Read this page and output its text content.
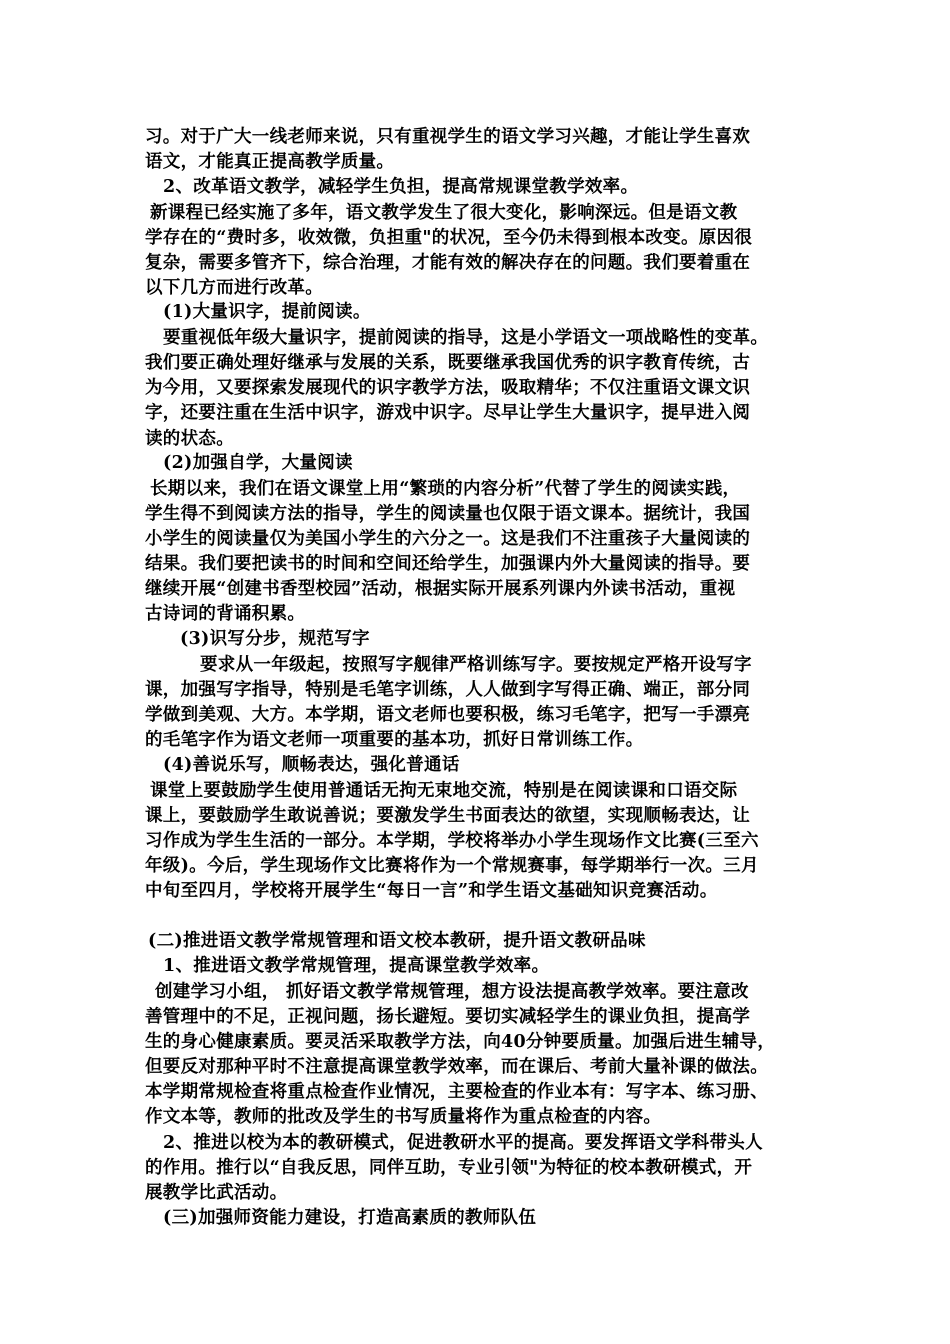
习。对于广大一线老师来说，只有重视学生的语文学习兴趣，才能让学生喜欢
语文，才能真正提高教学质量。
2、改革语文教学，减轻学生负担，提高常规课堂教学效率。
新课程已经实施了多年，语文教学发生了很大变化，影响深远。但是语文教
学存在的“费时多，收效微，负担重"的状况，至今仍未得到根本改变。原因很
复杂，需要多管齐下，综合治理，才能有效的解决存在的问题。我们要着重在
以下几方而进行改革。
(1)大量识字，提前阅读。
要重视低年级大量识字，提前阅读的指导，这是小学语文一项战略性的变革。
我们要正确处理好继承与发展的关系，既要继承我国优秀的识字教育传统，古
为今用，又要探索发展现代的识字教学方法，吸取精华；不仅注重语文课文识
字，还要注重在生活中识字，游戏中识字。尽早让学生大量识字，提早进入阅
读的状态。
(2)加强自学，大量阅读
长期以来，我们在语文课堂上用“繁琐的内容分析”代替了学生的阅读实践，
学生得不到阅读方法的指导，学生的阅读量也仅限于语文课本。据统计，我国
小学生的阅读量仅为美国小学生的六分之一。这是我们不注重孩子大量阅读的
结果。我们要把读书的时间和空间还给学生，加强课内外大量阅读的指导。要
继续开展“创建书香型校园”活动，根据实际开展系列课内外读书活动，重视
古诗词的背诵积累。
(3)识写分步，规范写字
要求从一年级起，按照写字舰律严格训练写字。要按规定严格开设写字
课，加强写字指导，特别是毛笔字训练，人人做到字写得正确、端正，部分同
学做到美观、大方。本学期，语文老师也要积极，练习毛笔字，把写一手漂亮
的毛笔字作为语文老师一项重要的基本功，抓好日常训练工作。
(4)善说乐写，顺畅表达，强化普通话
课堂上要鼓励学生使用普通话无拘无束地交流，特别是在阅读课和口语交际
课上，要鼓励学生敢说善说；要激发学生书面表达的欲望，实现顺畅表达，让
习作成为学生生活的一部分。本学期，学校将举办小学生现场作文比赛(三至六
年级)。今后，学生现场作文比赛将作为一个常规赛事，每学期举行一次。三月
中旬至四月，学校将开展学生“每日一言”和学生语文基础知识竞赛活动。
(二)推进语文教学常规管理和语文校本教研，提升语文教研品味
1、推进语文教学常规管理，提高课堂教学效率。
创建学习小组， 抓好语文教学常规管理，想方设法提高教学效率。要注意改
善管理中的不足，正视问题，扬长避短。要切实减轻学生的课业负担，提高学
生的身心健康素质。要灵活采取教学方法，向40分钟要质量。加强后进生辅导，
但要反对那种平时不注意提高课堂教学效率，而在课后、考前大量补课的做法。
本学期常规检查将重点检查作业情况，主要检查的作业本有：写字本、练习册、
作文本等，教师的批改及学生的书写质量将作为重点检查的内容。
2、推进以校为本的教研模式，促进教研水平的提高。要发挥语文学科带头人
的作用。推行以“自我反思，同伴互助，专业引领"为特征的校本教研模式，开
展教学比武活动。
(三)加强师资能力建设，打造高素质的教师队伍
